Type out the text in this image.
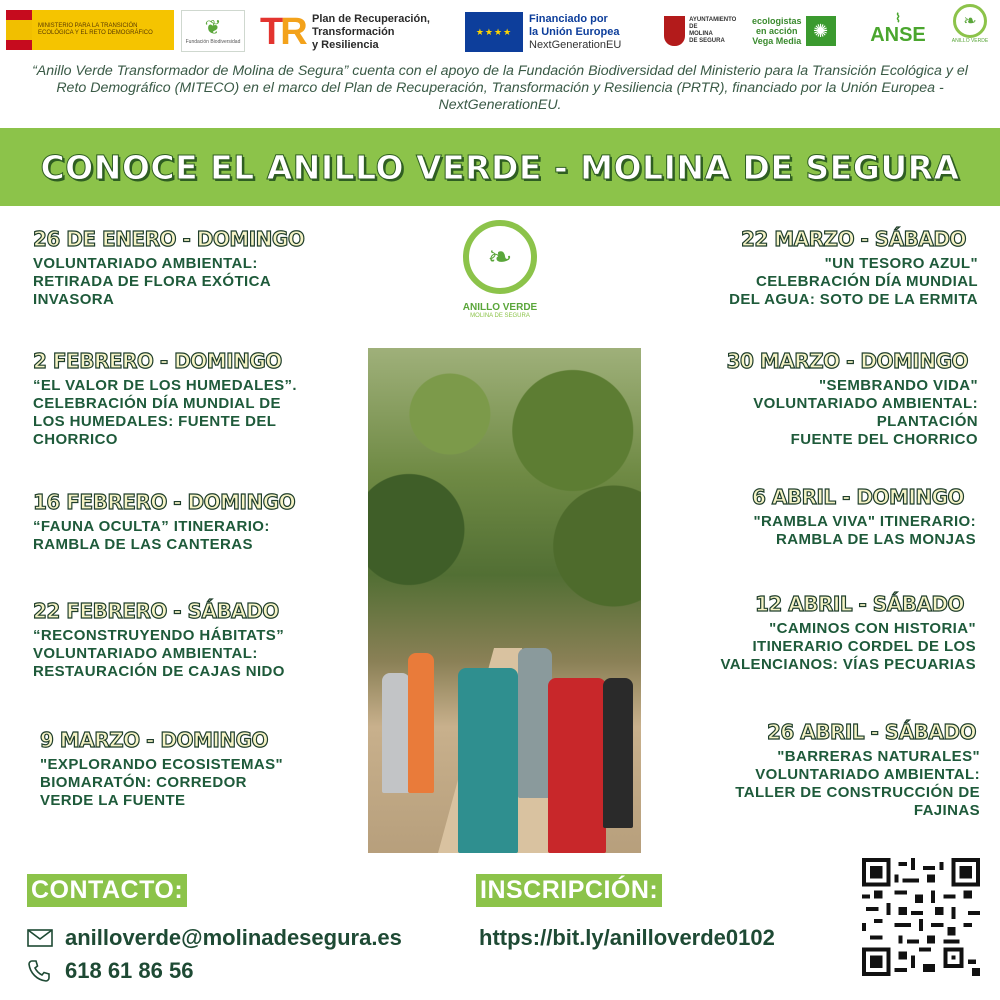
MINISTERIO PARA LA TRANSICIÓN ECOLÓGICA Y EL RETO DEMOGRÁFICO	❦
Fundación Biodiversidad TR Plan de Recuperación,
Transformación
y Resiliencia
★★★★
Financiado por
la Unión Europea
NextGenerationEU
AYUNTAMIENTO DE
MOLINA
DE SEGURA
ecologistas
en acción
Vega Media
✺
⌇
ANSE
❧
ANILLO VERDE
“Anillo Verde Transformador de Molina de Segura” cuenta con el apoyo de la Fundación Biodiversidad del Ministerio para la Transición Ecológica y el Reto Demográfico (MITECO) en el marco del Plan de Recuperación, Transformación y Resiliencia (PRTR), financiado por la Unión Europea - NextGenerationEU.
CONOCE EL ANILLO VERDE - MOLINA DE SEGURA
26 DE ENERO - DOMINGO
VOLUNTARIADO AMBIENTAL:
RETIRADA DE FLORA EXÓTICA
INVASORA
2 FEBRERO - DOMINGO
“EL VALOR DE LOS HUMEDALES”.
CELEBRACIÓN DÍA MUNDIAL DE
LOS HUMEDALES: FUENTE DEL
CHORRICO
16 FEBRERO - DOMINGO
“FAUNA OCULTA” ITINERARIO:
RAMBLA DE LAS CANTERAS
22 FEBRERO - SÁBADO
“RECONSTRUYENDO HÁBITATS”
VOLUNTARIADO AMBIENTAL:
RESTAURACIÓN DE CAJAS NIDO
9 MARZO - DOMINGO
"EXPLORANDO ECOSISTEMAS"
BIOMARATÓN: CORREDOR
VERDE LA FUENTE
❧
ANILLO VERDE
MOLINA DE SEGURA
22 MARZO - SÁBADO
"UN TESORO AZUL"
CELEBRACIÓN DÍA MUNDIAL
DEL AGUA: SOTO DE LA ERMITA
30 MARZO - DOMINGO
"SEMBRANDO VIDA"
VOLUNTARIADO AMBIENTAL:
PLANTACIÓN
FUENTE DEL CHORRICO
6 ABRIL - DOMINGO
"RAMBLA VIVA" ITINERARIO:
RAMBLA DE LAS MONJAS
12 ABRIL - SÁBADO
"CAMINOS CON HISTORIA"
ITINERARIO CORDEL DE LOS
VALENCIANOS: VÍAS PECUARIAS
26 ABRIL - SÁBADO
"BARRERAS NATURALES"
VOLUNTARIADO AMBIENTAL:
TALLER DE CONSTRUCCIÓN DE
FAJINAS
CONTACTO:
anilloverde@molinadesegura.es
618 61 86 56
INSCRIPCIÓN:
https://bit.ly/anilloverde0102
